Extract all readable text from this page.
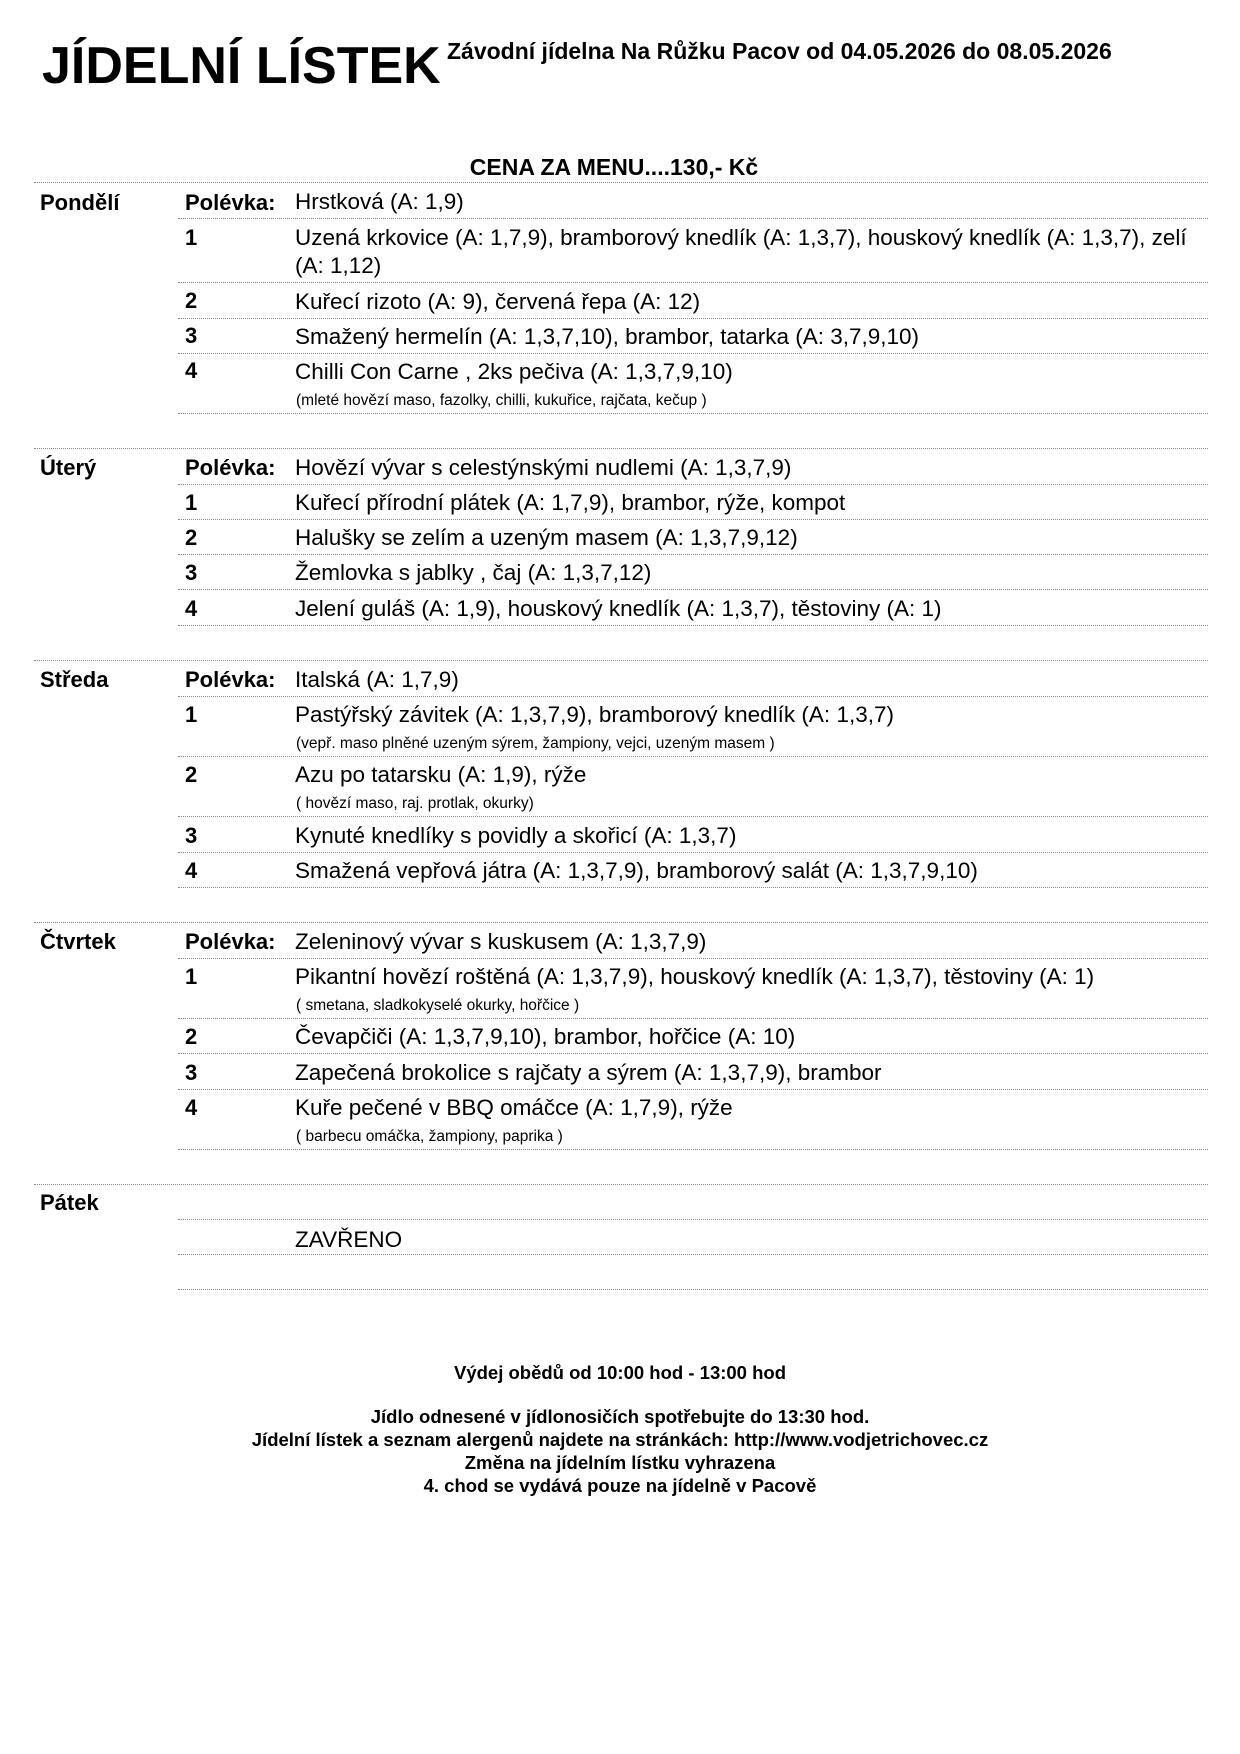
JÍDELNÍ LÍSTEK Závodní jídelna Na Růžku Pacov od 04.05.2026 do 08.05.2026
CENA ZA MENU....130,- Kč
Pondělí	Polévka: Hrstková (A: 1,9)
1	Uzená krkovice (A: 1,7,9), bramborový knedlík (A: 1,3,7), houskový knedlík (A: 1,3,7), zelí (A: 1,12)
2	Kuřecí rizoto (A: 9), červená řepa (A: 12)
3	Smažený hermelín (A: 1,3,7,10), brambor, tatarka (A: 3,7,9,10)
4	Chilli Con Carne , 2ks pečiva (A: 1,3,7,9,10)
(mleté hovězí maso, fazolky, chilli, kukuřice, rajčata, kečup )
Úterý	Polévka: Hovězí vývar s celestýnskými nudlemi (A: 1,3,7,9)
1	Kuřecí přírodní plátek (A: 1,7,9), brambor, rýže, kompot
2	Halušky se zelím a uzeným masem (A: 1,3,7,9,12)
3	Žemlovka s jablky , čaj (A: 1,3,7,12)
4	Jelení guláš (A: 1,9), houskový knedlík (A: 1,3,7), těstoviny (A: 1)
Středa	Polévka: Italská (A: 1,7,9)
1	Pastýřský závitek (A: 1,3,7,9), bramborový knedlík (A: 1,3,7)
(vepř. maso plněné uzeným sýrem, žampiony, vejci, uzeným masem )
2	Azu po tatarsku (A: 1,9), rýže
( hovězí maso, raj. protlak, okurky)
3	Kynuté knedlíky s povidly a skořicí (A: 1,3,7)
4	Smažená vepřová játra (A: 1,3,7,9), bramborový salát (A: 1,3,7,9,10)
Čtvrtek	Polévka: Zeleninový vývar s kuskusem (A: 1,3,7,9)
1	Pikantní hovězí roštěná (A: 1,3,7,9), houskový knedlík (A: 1,3,7), těstoviny (A: 1)
( smetana, sladkokyselé okurky, hořčice )
2	Čevapčiči (A: 1,3,7,9,10), brambor, hořčice (A: 10)
3	Zapečená brokolice s rajčaty a sýrem (A: 1,3,7,9), brambor
4	Kuře pečené v BBQ omáčce (A: 1,7,9), rýže
( barbecu omáčka, žampiony, paprika )
Pátek
ZAVŘENO
Výdej obědů od 10:00 hod - 13:00 hod
Jídlo odnesené v jídlonosičích spotřebujte do 13:30 hod.
Jídelní lístek a seznam alergenů najdete na stránkách: http://www.vodjetrichovec.cz
Změna na jídelním lístku vyhrazena
4. chod se vydává pouze na jídelně v Pacově
